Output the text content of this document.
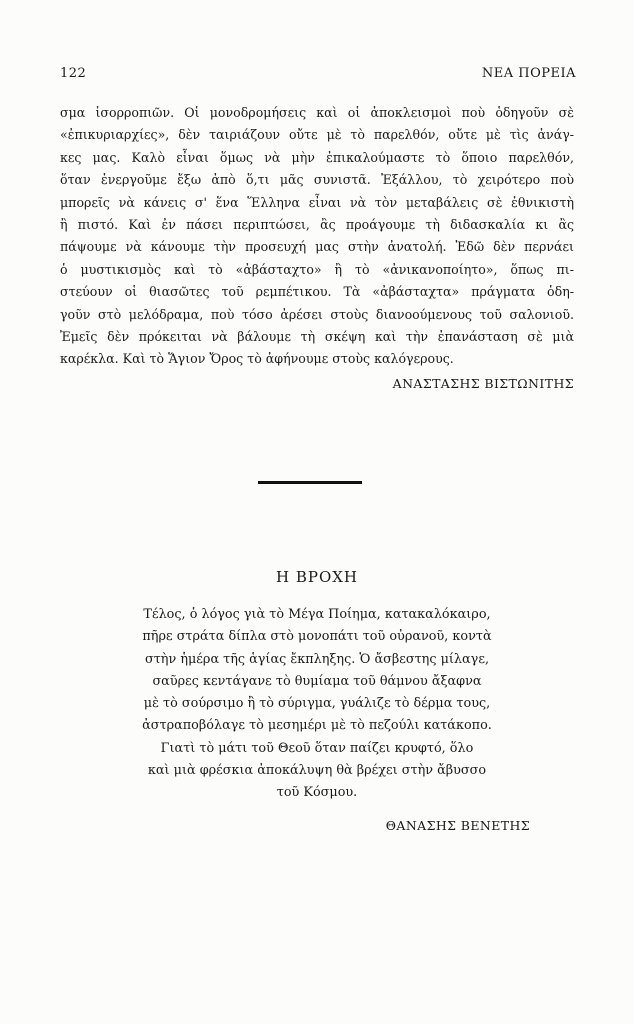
122	ΝΕΑ ΠΟΡΕΙΑ
σμα ἰσορροπιῶν. Οἱ μονοδρομήσεις καὶ οἱ ἀποκλεισμοὶ ποὺ ὁδηγοῦν σὲ
«ἐπικυριαρχίες», δὲν ταιριάζουν οὔτε μὲ τὸ παρελθόν, οὔτε μὲ τὶς ἀνάγ-
κες μας. Καλὸ εἶναι ὅμως νὰ μὴν ἐπικαλούμαστε τὸ ὅποιο παρελθόν,
ὅταν ἐνεργοῦμε ἔξω ἀπὸ ὅ,τι μᾶς συνιστᾶ. Ἐξάλλου, τὸ χειρότερο ποὺ
μπορεῖς νὰ κάνεις σ' ἕνα Ἕλληνα εἶναι νὰ τὸν μεταβάλεις σὲ ἐθνικιστὴ
ἢ πιστό. Καὶ ἐν πάσει περιπτώσει, ἂς προάγουμε τὴ διδασκαλία κι ἂς
πάψουμε νὰ κάνουμε τὴν προσευχή μας στὴν ἀνατολή. Ἐδῶ δὲν περνάει
ὁ μυστικισμὸς καὶ τὸ «ἀβάσταχτο» ἢ τὸ «ἀνικανοποίητο», ὅπως πι-
στεύουν οἱ θιασῶτες τοῦ ρεμπέτικου. Τὰ «ἀβάσταχτα» πράγματα ὁδη-
γοῦν στὸ μελόδραμα, ποὺ τόσο ἀρέσει στοὺς διανοούμενους τοῦ σαλονιοῦ.
Ἐμεῖς δὲν πρόκειται νὰ βάλουμε τὴ σκέψη καὶ τὴν ἐπανάσταση σὲ μιὰ
καρέκλα. Καὶ τὸ Ἅγιον Ὄρος τὸ ἀφήνουμε στοὺς καλόγερους.
ΑΝΑΣΤΑΣΗΣ ΒΙΣΤΩΝΙΤΗΣ
Η ΒΡΟΧΗ
Τέλος, ὁ λόγος γιὰ τὸ Μέγα Ποίημα, κατακαλόκαιρο,
πῆρε στράτα δίπλα στὸ μονοπάτι τοῦ οὐρανοῦ, κοντὰ
στὴν ἡμέρα τῆς ἁγίας ἔκπληξης. Ὁ ἄσβεστης μίλαγε,
σαῦρες κεντάγανε τὸ θυμίαμα τοῦ θάμνου ἄξαφνα
μὲ τὸ σούρσιμο ἢ τὸ σύριγμα, γυάλιζε τὸ δέρμα τους,
ἀστραποβόλαγε τὸ μεσημέρι μὲ τὸ πεζούλι κατάκοπο.
Γιατὶ τὸ μάτι τοῦ Θεοῦ ὅταν παίζει κρυφτό, ὅλο
καὶ μιὰ φρέσκια ἀποκάλυψη θὰ βρέχει στὴν ἄβυσσο
τοῦ Κόσμου.
ΘΑΝΑΣΗΣ ΒΕΝΕΤΗΣ
